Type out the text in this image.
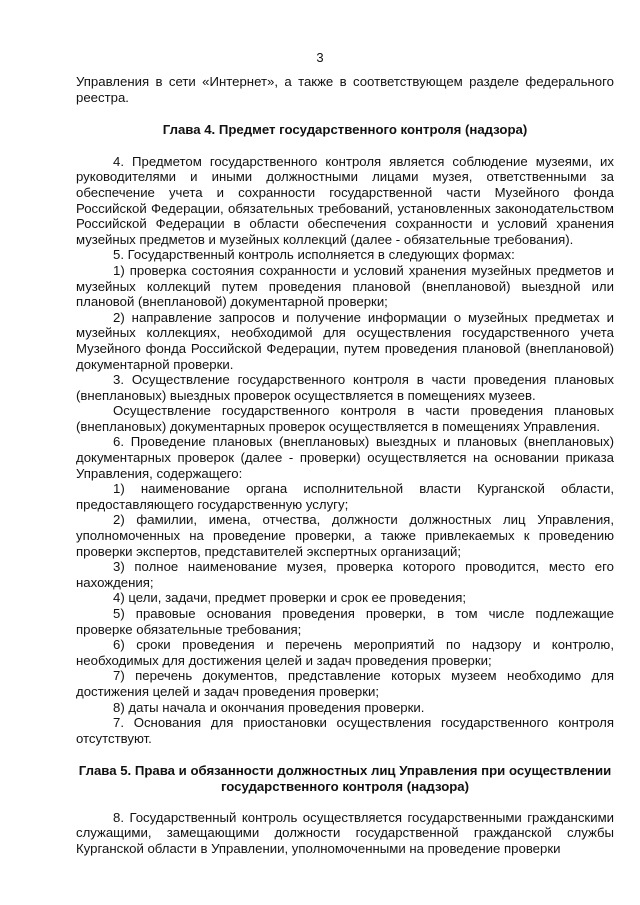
3

Управления в сети «Интернет», а также в соответствующем разделе федерального реестра.

Глава 4. Предмет государственного контроля (надзора)

4. Предметом государственного контроля является соблюдение музеями, их руководителями и иными должностными лицами музея, ответственными за обеспечение учета и сохранности государственной части Музейного фонда Российской Федерации, обязательных требований, установленных законодательством Российской Федерации в области обеспечения сохранности и условий хранения музейных предметов и музейных коллекций (далее - обязательные требования).

5. Государственный контроль исполняется в следующих формах:

1) проверка состояния сохранности и условий хранения музейных предметов и музейных коллекций путем проведения плановой (внеплановой) выездной или плановой (внеплановой) документарной проверки;

2) направление запросов и получение информации о музейных предметах и музейных коллекциях, необходимой для осуществления государственного учета Музейного фонда Российской Федерации, путем проведения плановой (внеплановой) документарной проверки.

3. Осуществление государственного контроля в части проведения плановых (внеплановых) выездных проверок осуществляется в помещениях музеев.

Осуществление государственного контроля в части проведения плановых (внеплановых) документарных проверок осуществляется в помещениях Управления.

6. Проведение плановых (внеплановых) выездных и плановых (внеплановых) документарных проверок (далее - проверки) осуществляется на основании приказа Управления, содержащего:

1) наименование органа исполнительной власти Курганской области, предоставляющего государственную услугу;

2) фамилии, имена, отчества, должности должностных лиц Управления, уполномоченных на проведение проверки, а также привлекаемых к проведению проверки экспертов, представителей экспертных организаций;

3) полное наименование музея, проверка которого проводится, место его нахождения;

4) цели, задачи, предмет проверки и срок ее проведения;

5) правовые основания проведения проверки, в том числе подлежащие проверке обязательные требования;

6) сроки проведения и перечень мероприятий по надзору и контролю, необходимых для достижения целей и задач проведения проверки;

7) перечень документов, представление которых музеем необходимо для достижения целей и задач проведения проверки;

8) даты начала и окончания проведения проверки.

7. Основания для приостановки осуществления государственного контроля отсутствуют.

Глава 5. Права и обязанности должностных лиц Управления при осуществлении
государственного контроля (надзора)

8. Государственный контроль осуществляется государственными гражданскими служащими, замещающими должности государственной гражданской службы Курганской области в Управлении, уполномоченными на проведение проверки
